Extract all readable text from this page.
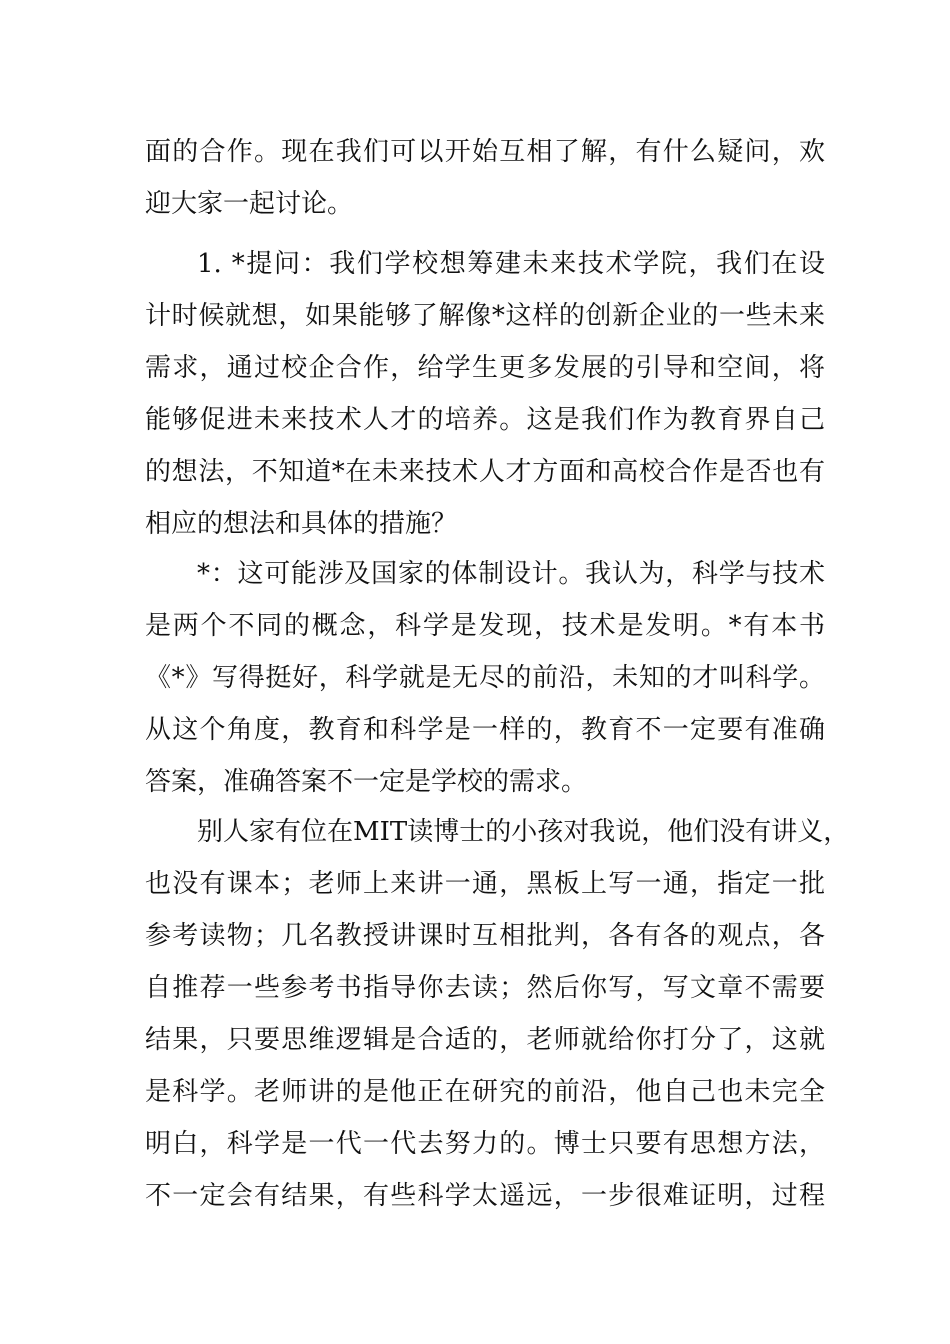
面的合作。现在我们可以开始互相了解，有什么疑问，欢
迎大家一起讨论。
1. *提问：我们学校想筹建未来技术学院，我们在设
计时候就想，如果能够了解像*这样的创新企业的一些未来
需求，通过校企合作，给学生更多发展的引导和空间，将
能够促进未来技术人才的培养。这是我们作为教育界自己
的想法，不知道*在未来技术人才方面和高校合作是否也有
相应的想法和具体的措施？
*：这可能涉及国家的体制设计。我认为，科学与技术
是两个不同的概念，科学是发现，技术是发明。*有本书
《*》写得挺好，科学就是无尽的前沿，未知的才叫科学。
从这个角度，教育和科学是一样的，教育不一定要有准确
答案，准确答案不一定是学校的需求。
别人家有位在MIT读博士的小孩对我说，他们没有讲义，
也没有课本；老师上来讲一通，黑板上写一通，指定一批
参考读物；几名教授讲课时互相批判，各有各的观点，各
自推荐一些参考书指导你去读；然后你写，写文章不需要
结果，只要思维逻辑是合适的，老师就给你打分了，这就
是科学。老师讲的是他正在研究的前沿，他自己也未完全
明白，科学是一代一代去努力的。博士只要有思想方法，
不一定会有结果，有些科学太遥远，一步很难证明，过程
